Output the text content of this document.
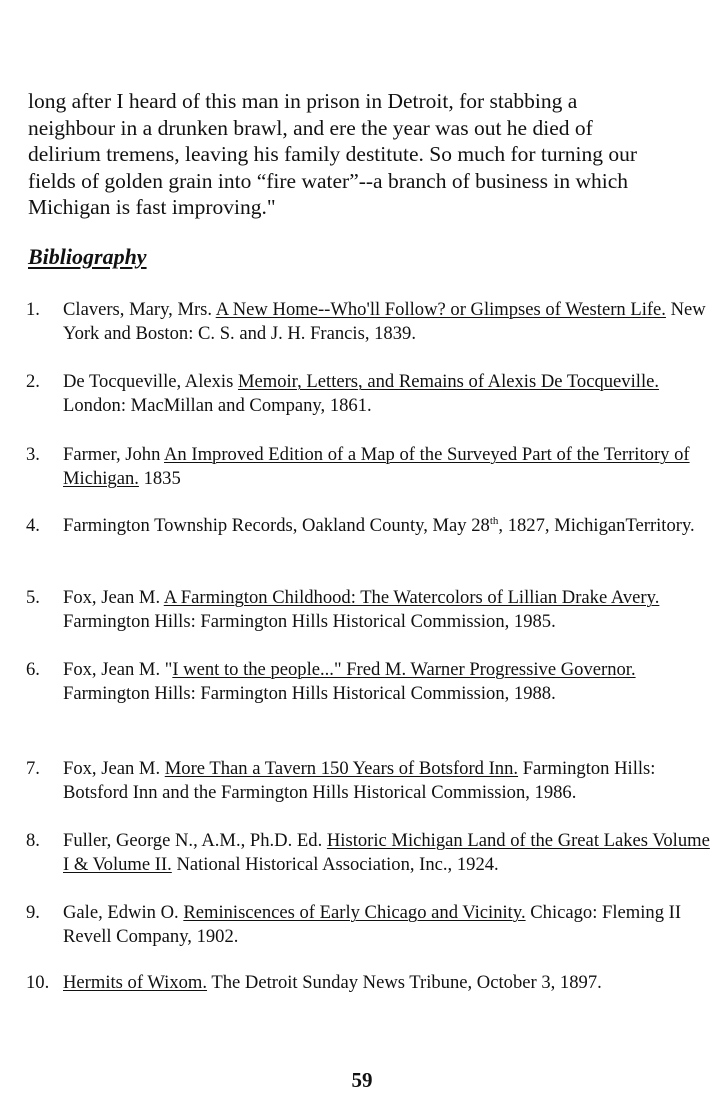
long after I heard of this man in prison in Detroit, for stabbing a
neighbour in a drunken brawl, and ere the year was out he died of
delirium tremens, leaving his family destitute. So much for turning our
fields of golden grain into “fire water”--a branch of business in which
Michigan is fast improving."

Bibliography
1. Clavers, Mary, Mrs. A New Home--Who'll Follow? or Glimpses of Western Life. New York and Boston: C. S. and J. H. Francis, 1839.
2. De Tocqueville, Alexis Memoir, Letters, and Remains of Alexis De Tocqueville. London: MacMillan and Company, 1861.
3. Farmer, John An Improved Edition of a Map of the Surveyed Part of the Territory of Michigan. 1835
4. Farmington Township Records, Oakland County, May 28th, 1827, MichiganTerritory.
5. Fox, Jean M. A Farmington Childhood: The Watercolors of Lillian Drake Avery. Farmington Hills: Farmington Hills Historical Commission, 1985.
6. Fox, Jean M. "I went to the people..." Fred M. Warner Progressive Governor. Farmington Hills: Farmington Hills Historical Commission, 1988.
7. Fox, Jean M. More Than a Tavern 150 Years of Botsford Inn. Farmington Hills: Botsford Inn and the Farmington Hills Historical Commission, 1986.
8. Fuller, George N., A.M., Ph.D. Ed. Historic Michigan Land of the Great Lakes Volume I & Volume II. National Historical Association, Inc., 1924.
9. Gale, Edwin O. Reminiscences of Early Chicago and Vicinity. Chicago: Fleming II Revell Company, 1902.
10. Hermits of Wixom. The Detroit Sunday News Tribune, October 3, 1897.
59
